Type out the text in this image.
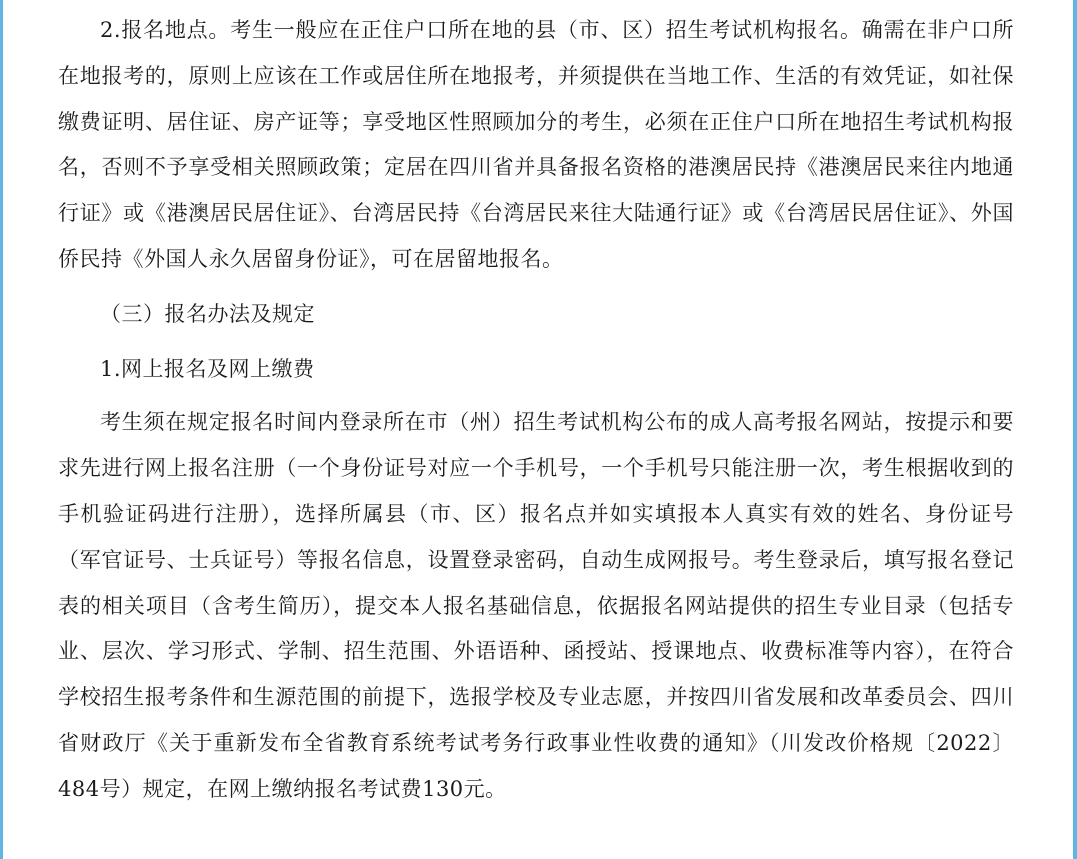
2.报名地点。考生一般应在正住户口所在地的县（市、区）招生考试机构报名。确需在非户口所在地报考的，原则上应该在工作或居住所在地报考，并须提供在当地工作、生活的有效凭证，如社保缴费证明、居住证、房产证等；享受地区性照顾加分的考生，必须在正住户口所在地招生考试机构报名，否则不予享受相关照顾政策；定居在四川省并具备报名资格的港澳居民持《港澳居民来往内地通行证》或《港澳居民居住证》、台湾居民持《台湾居民来往大陆通行证》或《台湾居民居住证》、外国侨民持《外国人永久居留身份证》，可在居留地报名。

（三）报名办法及规定

1.网上报名及网上缴费

考生须在规定报名时间内登录所在市（州）招生考试机构公布的成人高考报名网站，按提示和要求先进行网上报名注册（一个身份证号对应一个手机号，一个手机号只能注册一次，考生根据收到的手机验证码进行注册），选择所属县（市、区）报名点并如实填报本人真实有效的姓名、身份证号（军官证号、士兵证号）等报名信息，设置登录密码，自动生成网报号。考生登录后，填写报名登记表的相关项目（含考生简历），提交本人报名基础信息，依据报名网站提供的招生专业目录（包括专业、层次、学习形式、学制、招生范围、外语语种、函授站、授课地点、收费标准等内容），在符合学校招生报考条件和生源范围的前提下，选报学校及专业志愿，并按四川省发展和改革委员会、四川省财政厅《关于重新发布全省教育系统考试考务行政事业性收费的通知》（川发改价格规〔2022〕484号）规定，在网上缴纳报名考试费130元。
